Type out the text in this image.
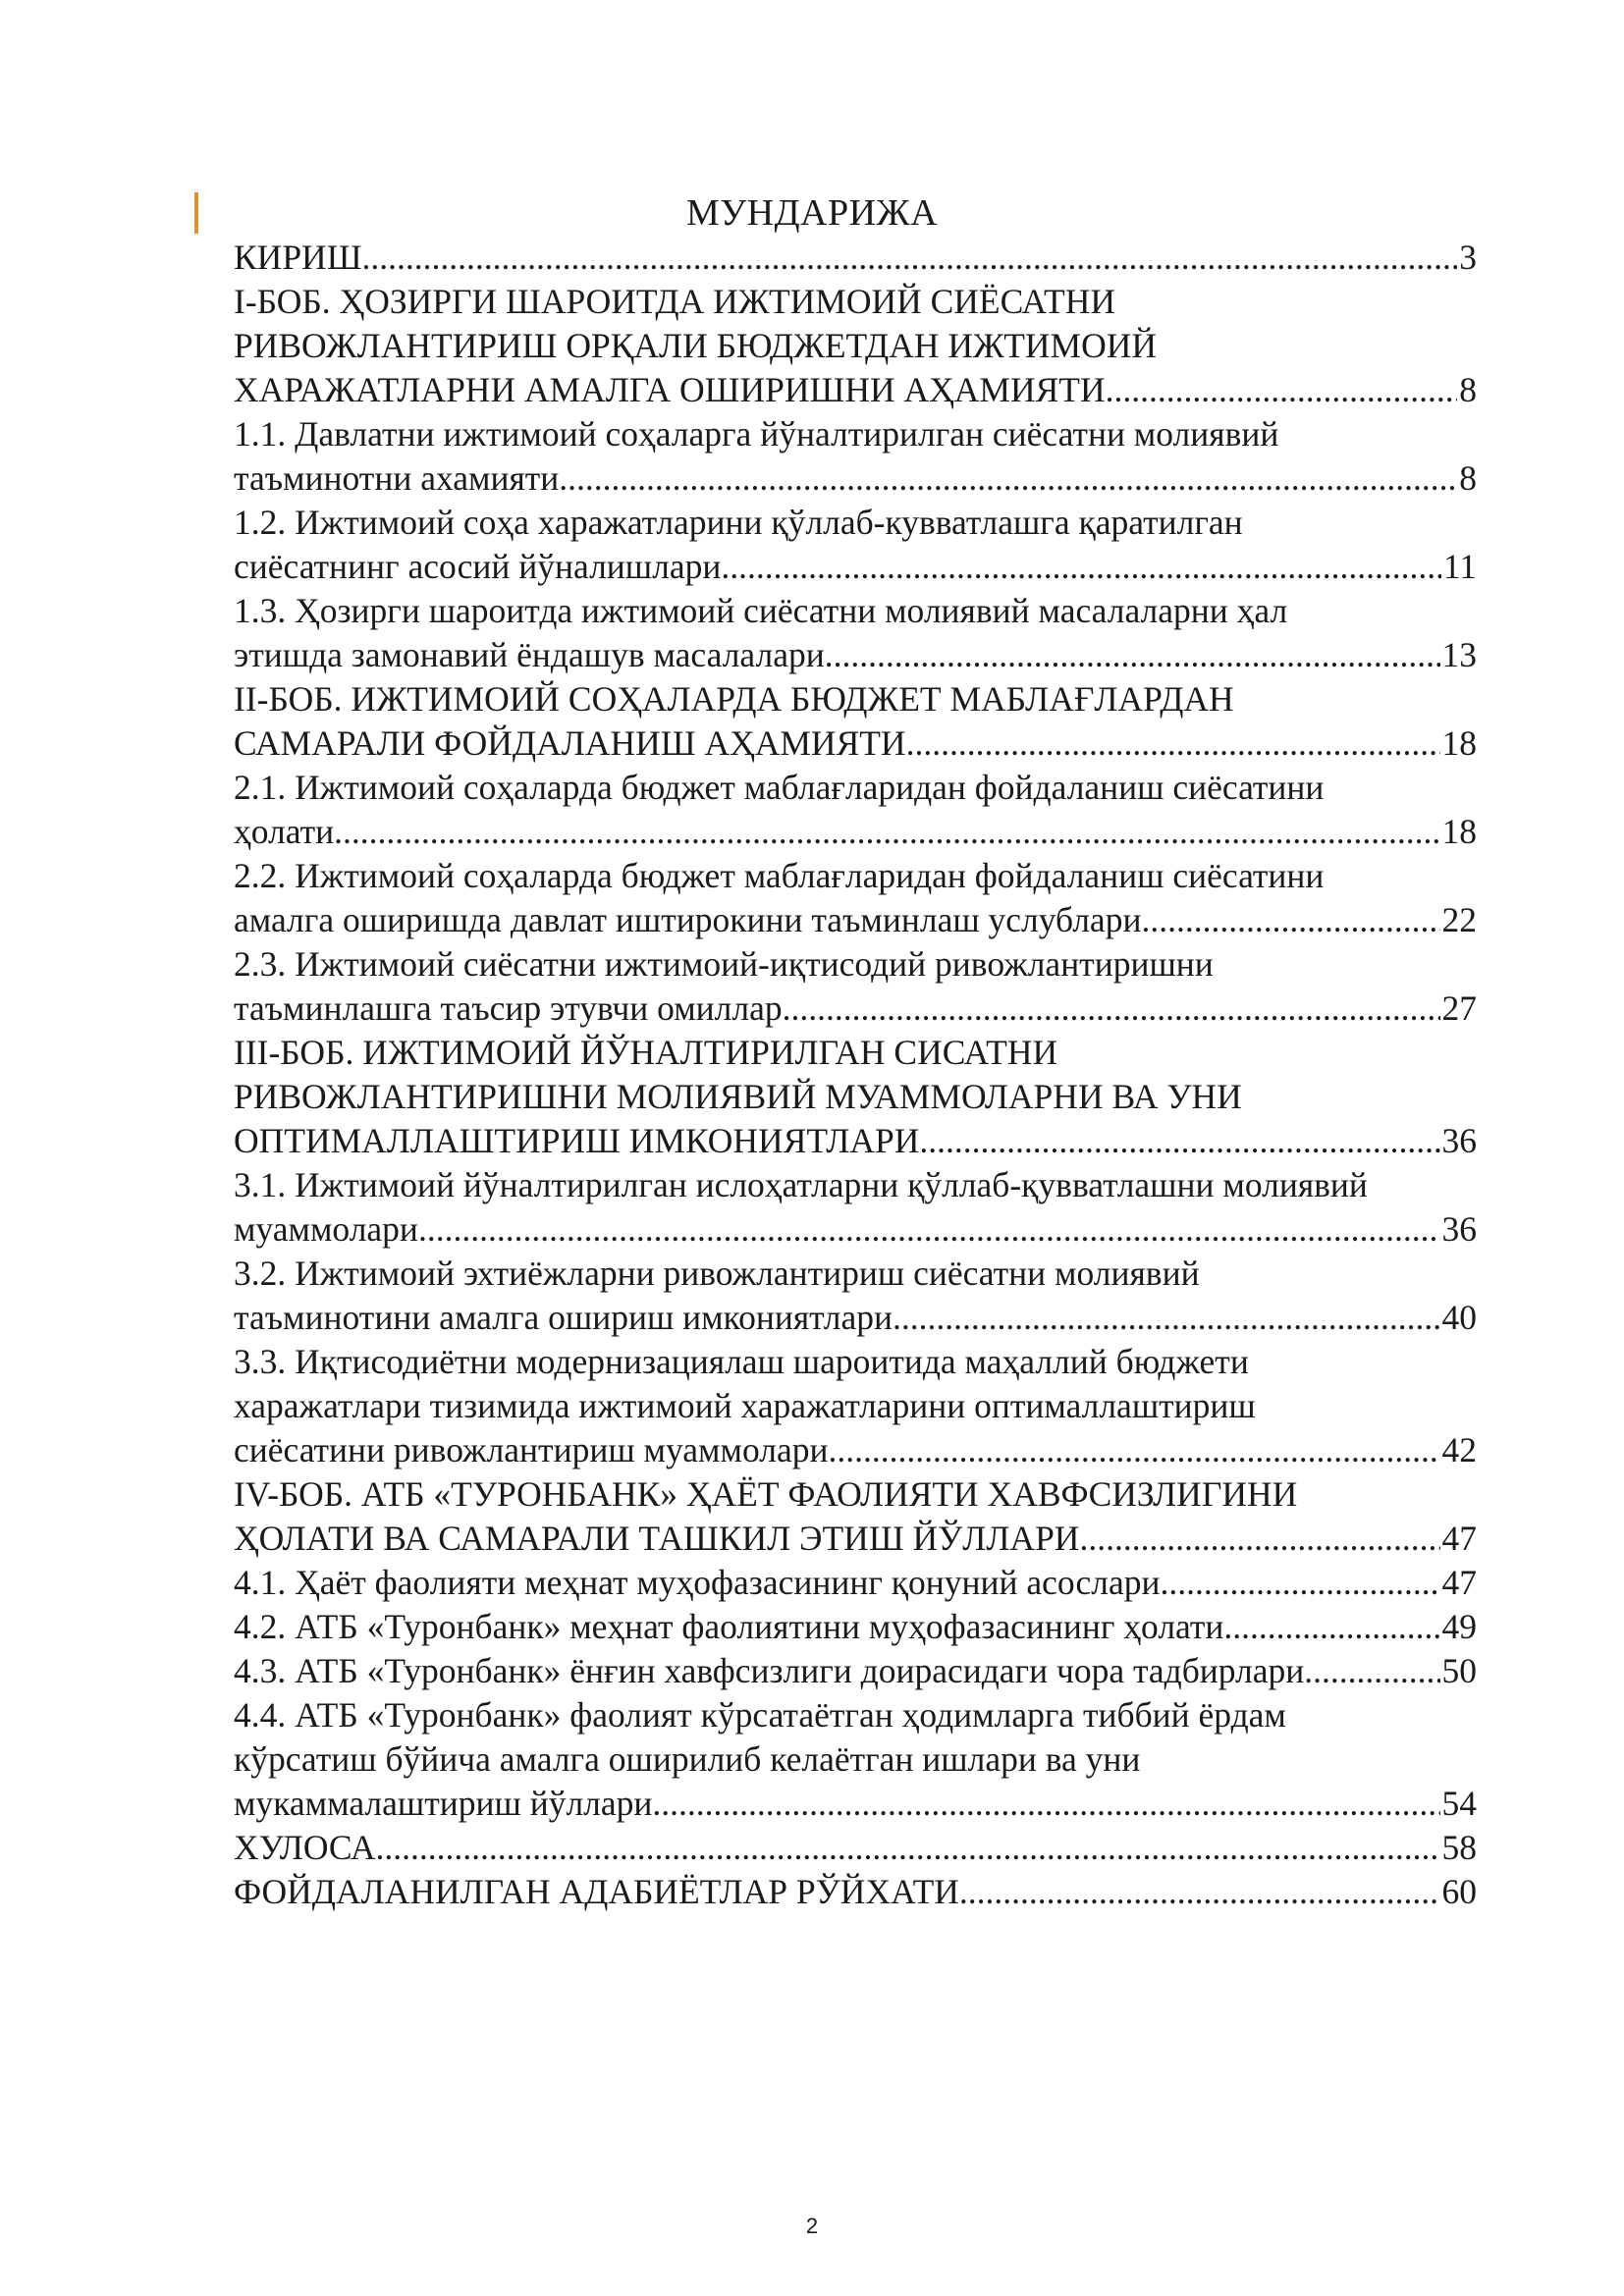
МУНДАРИЖА
КИРИШ .....	3
I-БОБ. ҲОЗИРГИ ШАРОИТДА ИЖТИМОИЙ СИЁСАТНИ
РИВОЖЛАНТИРИШ ОРҚАЛИ БЮДЖЕТДАН ИЖТИМОИЙ
ХАРАЖАТЛАРНИ АМАЛГА ОШИРИШНИ АҲАМИЯТИ .....	8
1.1. Давлатни ижтимоий соҳаларга йўналтирилган сиёсатни молиявий
таъминотни ахамияти .....	8
1.2. Ижтимоий соҳа харажатларини қўллаб-кувватлашга қаратилган
сиёсатнинг асосий йўналишлари .....	11
1.3. Ҳозирги шароитда ижтимоий сиёсатни молиявий масалаларни ҳал
этишда замонавий ёндашув масалалари .....	13
II-БОБ. ИЖТИМОИЙ СОҲАЛАРДА БЮДЖЕТ МАБЛАҒЛАРДАН
САМАРАЛИ ФОЙДАЛАНИШ АҲАМИЯТИ .....	18
2.1. Ижтимоий соҳаларда бюджет маблағларидан фойдаланиш сиёсатини
ҳолати .....	18
2.2. Ижтимоий соҳаларда бюджет маблағларидан фойдаланиш сиёсатини
амалга оширишда давлат иштирокини таъминлаш услублари .....	22
2.3. Ижтимоий сиёсатни ижтимоий-иқтисодий ривожлантиришни
таъминлашга таъсир этувчи омиллар .....	27
III-БОБ. ИЖТИМОИЙ ЙЎНАЛТИРИЛГАН СИСАТНИ
РИВОЖЛАНТИРИШНИ МОЛИЯВИЙ МУАММОЛАРНИ ВА УНИ
ОПТИМАЛЛАШТИРИШ ИМКОНИЯТЛАРИ .....	36
3.1. Ижтимоий йўналтирилган ислоҳатларни қўллаб-қувватлашни молиявий
муаммолари .....	36
3.2. Ижтимоий эхтиёжларни ривожлантириш сиёсатни молиявий
таъминотини амалга ошириш имкониятлари .....	40
3.3. Иқтисодиётни модернизациялаш шароитида маҳаллий бюджети
харажатлари тизимида ижтимоий харажатларини оптималлаштириш
сиёсатини ривожлантириш муаммолари .....	42
IV-БОБ. АТБ «ТУРОНБАНК» ҲАЁТ ФАОЛИЯТИ ХАВФСИЗЛИГИНИ
ҲОЛАТИ ВА САМАРАЛИ ТАШКИЛ ЭТИШ ЙЎЛЛАРИ .....	47
4.1. Ҳаёт фаолияти меҳнат муҳофазасининг қонуний асослари .....	47
4.2. АТБ «Туронбанк» меҳнат фаолиятини муҳофазасининг ҳолати .....	49
4.3. АТБ «Туронбанк» ёнғин хавфсизлиги доирасидаги чора тадбирлари .....	50
4.4. АТБ «Туронбанк» фаолият кўрсатаётган ҳодимларга тиббий ёрдам
кўрсатиш бўйича амалга оширилиб келаётган ишлари ва уни
мукаммалаштириш йўллари .....	54
ХУЛОСА .....	58
ФОЙДАЛАНИЛГАН АДАБИЁТЛАР РЎЙХАТИ .....	60
2
